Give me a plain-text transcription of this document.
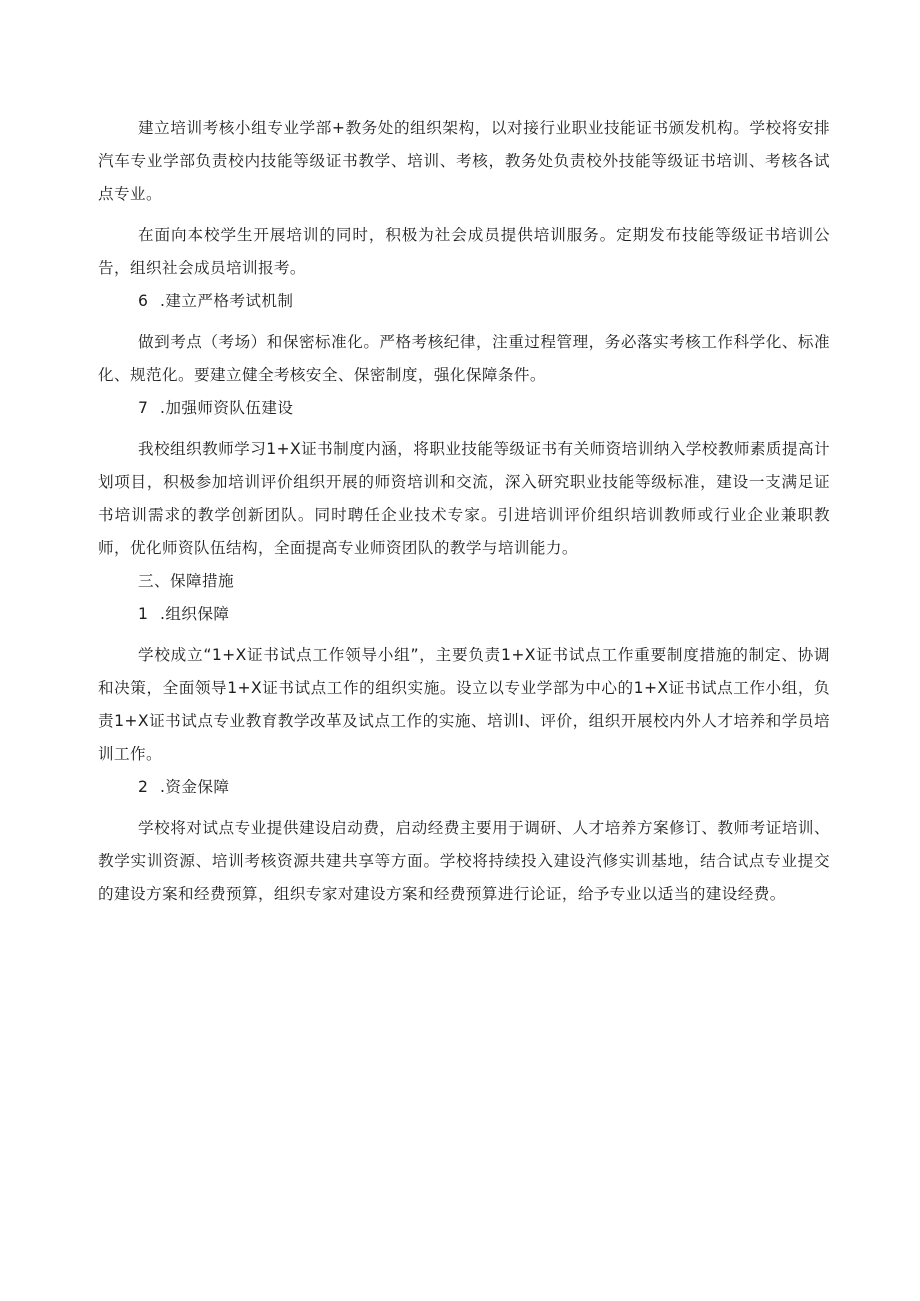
建立培训考核小组专业学部+教务处的组织架构，以对接行业职业技能证书颁发机构。学校将安排汽车专业学部负责校内技能等级证书教学、培训、考核，教务处负责校外技能等级证书培训、考核各试点专业。

在面向本校学生开展培训的同时，积极为社会成员提供培训服务。定期发布技能等级证书培训公告，组织社会成员培训报考。

6 .建立严格考试机制

做到考点（考场）和保密标准化。严格考核纪律，注重过程管理，务必落实考核工作科学化、标准化、规范化。要建立健全考核安全、保密制度，强化保障条件。

7 .加强师资队伍建设

我校组织教师学习1+X证书制度内涵，将职业技能等级证书有关师资培训纳入学校教师素质提高计划项目，积极参加培训评价组织开展的师资培训和交流，深入研究职业技能等级标准，建设一支满足证书培训需求的教学创新团队。同时聘任企业技术专家。引进培训评价组织培训教师或行业企业兼职教师，优化师资队伍结构，全面提高专业师资团队的教学与培训能力。

三、保障措施

1 .组织保障

学校成立“1+X证书试点工作领导小组”，主要负责1+X证书试点工作重要制度措施的制定、协调和决策，全面领导1+X证书试点工作的组织实施。设立以专业学部为中心的1+X证书试点工作小组，负责1+X证书试点专业教育教学改革及试点工作的实施、培训I、评价，组织开展校内外人才培养和学员培训工作。

2 .资金保障

学校将对试点专业提供建设启动费，启动经费主要用于调研、人才培养方案修订、教师考证培训、教学实训资源、培训考核资源共建共享等方面。学校将持续投入建设汽修实训基地，结合试点专业提交的建设方案和经费预算，组织专家对建设方案和经费预算进行论证，给予专业以适当的建设经费。
